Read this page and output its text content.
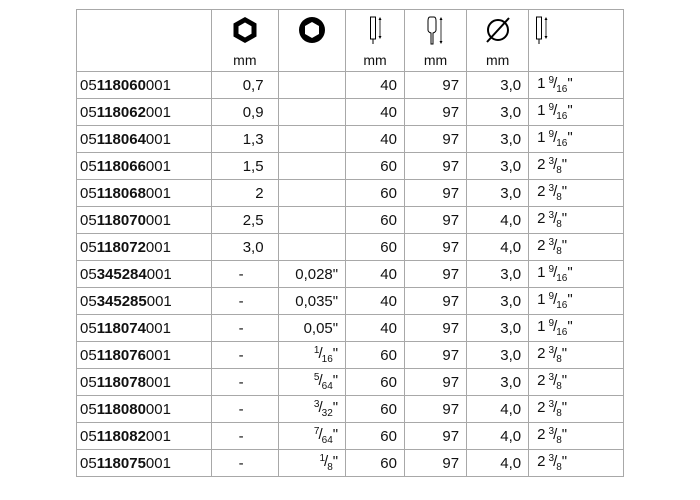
	mm		mm	mm	mm

05118060001	0,7		40	97	3,0	1 $^9/_{16}$"
05118062001	0,9		40	97	3,0	1 $^9/_{16}$"
05118064001	1,3		40	97	3,0	1 $^9/_{16}$"
05118066001	1,5		60	97	3,0	2 $^3/_8$"
05118068001	2		60	97	3,0	2 $^3/_8$"
05118070001	2,5		60	97	4,0	2 $^3/_8$"
05118072001	3,0		60	97	4,0	2 $^3/_8$"
05345284001	-	0,028"	40	97	3,0	1 $^9/_{16}$"
05345285001	-	0,035"	40	97	3,0	1 $^9/_{16}$"
05118074001	-	0,05"	40	97	3,0	1 $^9/_{16}$"
05118076001	-	$^1/_{16}$"	60	97	3,0	2 $^3/_8$"
05118078001	-	$^5/_{64}$"	60	97	3,0	2 $^3/_8$"
05118080001	-	$^3/_{32}$"	60	97	4,0	2 $^3/_8$"
05118082001	-	$^7/_{64}$"	60	97	4,0	2 $^3/_8$"
05118075001	-	$^1/_8$"	60	97	4,0	2 $^3/_8$"
